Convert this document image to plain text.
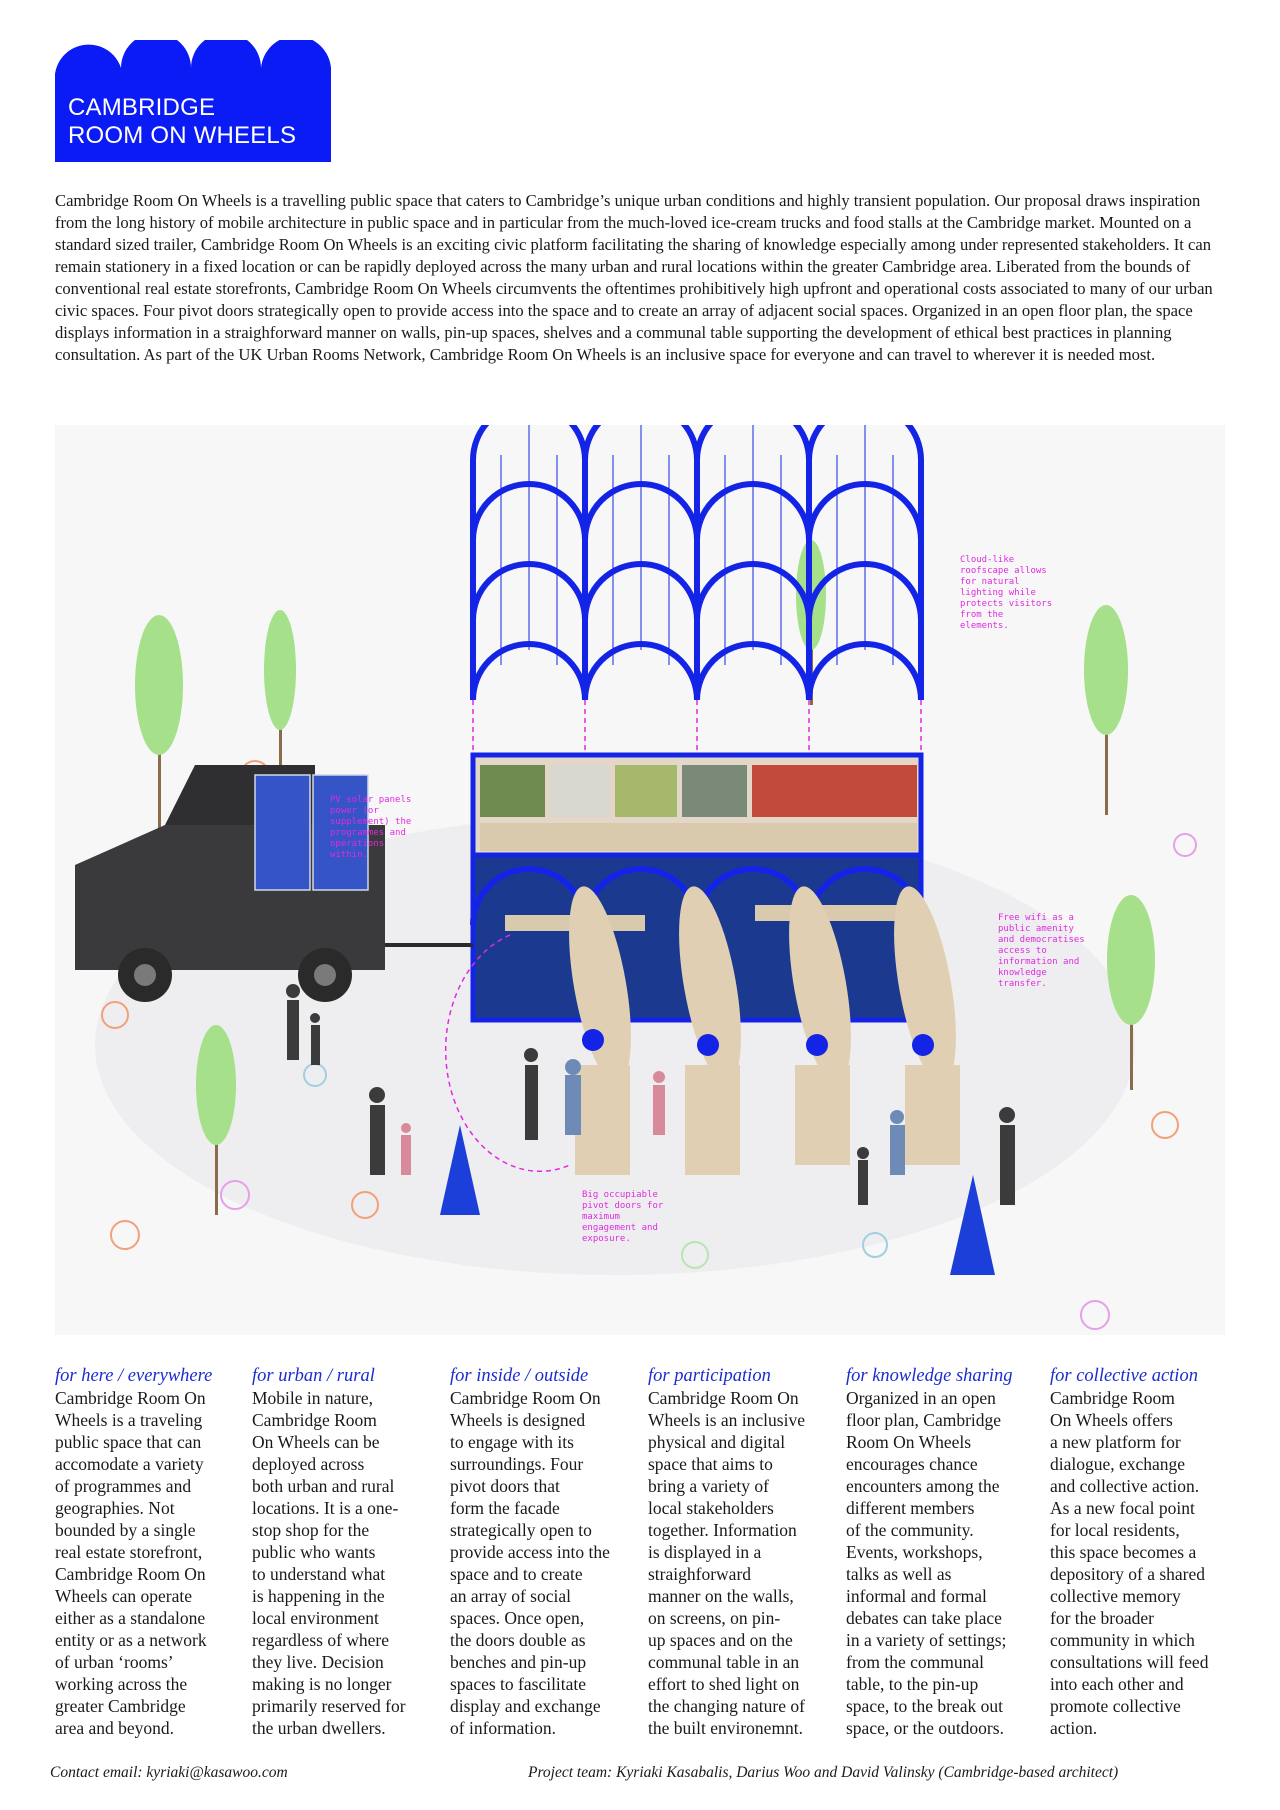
CAMBRIDGE
ROOM ON WHEELS
Cambridge Room On Wheels is a travelling public space that caters to Cambridge’s unique urban conditions and highly transient population. Our proposal draws inspiration from the long history of mobile architecture in public space and in particular from the much-loved ice-cream trucks and food stalls at the Cambridge market. Mounted on a standard sized trailer, Cambridge Room On Wheels is an exciting civic platform facilitating the sharing of knowledge especially among under represented stakeholders. It can remain stationery in a fixed location or can be rapidly deployed across the many urban and rural locations within the greater Cambridge area. Liberated from the bounds of conventional real estate storefronts, Cambridge Room On Wheels circumvents the oftentimes prohibitively high upfront and operational costs associated to many of our urban civic spaces. Four pivot doors strategically open to provide access into the space and to create an array of adjacent social spaces. Organized in an open floor plan, the space displays information in a straighforward manner on walls, pin-up spaces, shelves and a communal table supporting the development of ethical best practices in planning consultation. As part of the UK Urban Rooms Network, Cambridge Room On Wheels is an inclusive space for everyone and can travel to wherever it is needed most.
Cloud-like roofscape allows for natural lighting while protects visitors from the elements.
PV solar panels power (or supplement) the programmes and operations within.
Free wifi as a public amenity and democratises access to information and knowledge transfer.
Big occupiable pivot doors for maximum engagement and exposure.
for here / everywhere
Cambridge Room On
Wheels is a traveling
public space that can
accomodate a variety
of programmes and
geographies. Not
bounded by a single
real estate storefront,
Cambridge Room On
Wheels can operate
either as a standalone
entity or as a network
of urban ‘rooms’
working across the
greater Cambridge
area and beyond.
for urban / rural
Mobile in nature,
Cambridge Room
On Wheels can be
deployed across
both urban and rural
locations. It is a one-
stop shop for the
public who wants
to understand what
is happening in the
local environment
regardless of where
they live. Decision
making is no longer
primarily reserved for
the urban dwellers.
for inside / outside
Cambridge Room On
Wheels is designed
to engage with its
surroundings. Four
pivot doors that
form the facade
strategically open to
provide access into the
space and to create
an array of social
spaces. Once open,
the doors double as
benches and pin-up
spaces to fascilitate
display and exchange
of information.
for participation
Cambridge Room On
Wheels is an inclusive
physical and digital
space that aims to
bring a variety of
local stakeholders
together. Information
is displayed in a
straighforward
manner on the walls,
on screens, on pin-
up spaces and on the
communal table in an
effort to shed light on
the changing nature of
the built environemnt.
for knowledge sharing
Organized in an open
floor plan, Cambridge
Room On Wheels
encourages chance
encounters among the
different members
of the community.
Events, workshops,
talks as well as
informal and formal
debates can take place
in a variety of settings;
from the communal
table, to the pin-up
space, to the break out
space, or the outdoors.
for collective action
Cambridge Room
On Wheels offers
a new platform for
dialogue, exchange
and collective action.
As a new focal point
for local residents,
this space becomes a
depository of a shared
collective memory
for the broader
community in which
consultations will feed
into each other and
promote collective
action.
Contact email: kyriaki@kasawoo.com	Project team: Kyriaki Kasabalis, Darius Woo and David Valinsky (Cambridge-based architect)
